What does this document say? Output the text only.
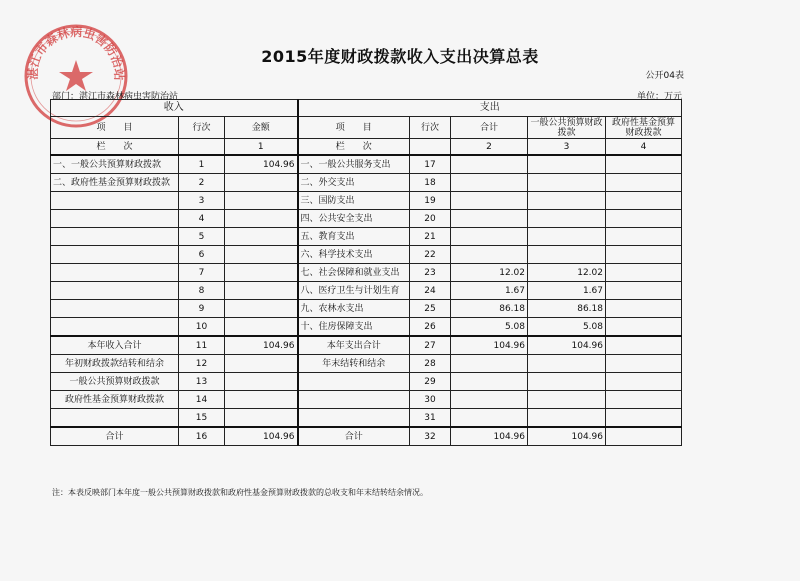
湛江市森林病虫害防治站
2015年度财政拨款收入支出决算总表
公开04表
部门：湛江市森林病虫害防治站	单位：万元
收入			支出				
项　　目	行次	金额	项　　目	行次	合计	一般公共预算财政拨款	政府性基金预算财政拨款
栏　　次		1	栏　　次		2	3	4
一、一般公共预算财政拨款	1	104.96	一、一般公共服务支出	17			
二、政府性基金预算财政拨款	2		二、外交支出	18			
	3		三、国防支出	19			
	4		四、公共安全支出	20			
	5		五、教育支出	21			
	6		六、科学技术支出	22			
	7		七、社会保障和就业支出	23	12.02	12.02	
	8		八、医疗卫生与计划生育	24	1.67	1.67	
	9		九、农林水支出	25	86.18	86.18	
	10		十、住房保障支出	26	5.08	5.08	
本年收入合计	11	104.96	本年支出合计	27	104.96	104.96	
年初财政拨款结转和结余	12		年末结转和结余	28			
一般公共预算财政拨款	13			29			
政府性基金预算财政拨款	14			30			
	15			31			
合计	16	104.96	合计	32	104.96	104.96	
注：本表反映部门本年度一般公共预算财政拨款和政府性基金预算财政拨款的总收支和年末结转结余情况。
